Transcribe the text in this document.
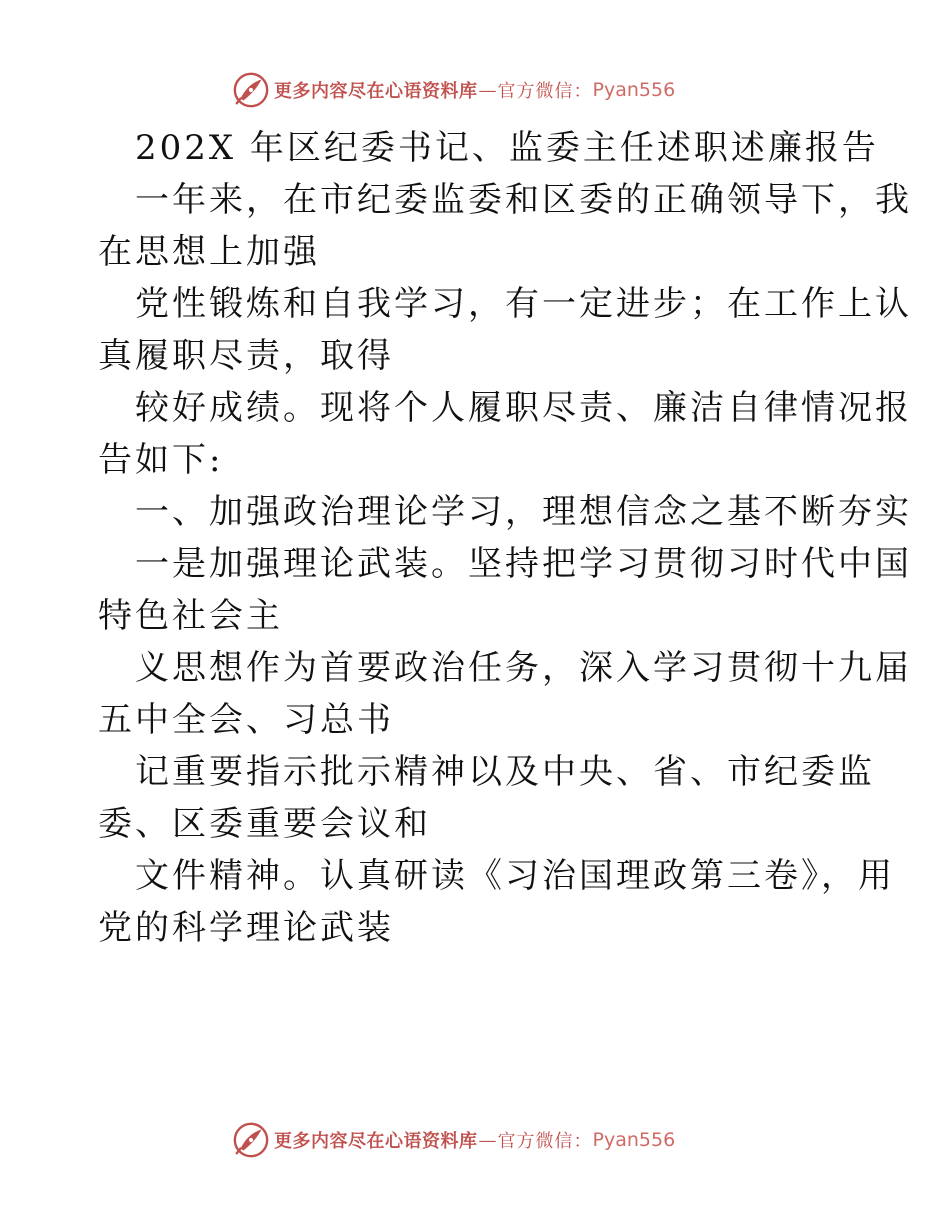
更多内容尽在心语资料库 — 官方微信： Pyan556
202X 年区纪委书记、监委主任述职述廉报告
一年来，在市纪委监委和区委的正确领导下，我
在思想上加强
党性锻炼和自我学习，有一定进步；在工作上认
真履职尽责，取得
较好成绩。现将个人履职尽责、廉洁自律情况报
告如下:
一、加强政治理论学习，理想信念之基不断夯实
一是加强理论武装。坚持把学习贯彻习时代中国
特色社会主
义思想作为首要政治任务，深入学习贯彻十九届
五中全会、习总书
记重要指示批示精神以及中央、省、市纪委监
委、区委重要会议和
文件精神。认真研读《习治国理政第三卷》，用
党的科学理论武装
更多内容尽在心语资料库 — 官方微信： Pyan556
